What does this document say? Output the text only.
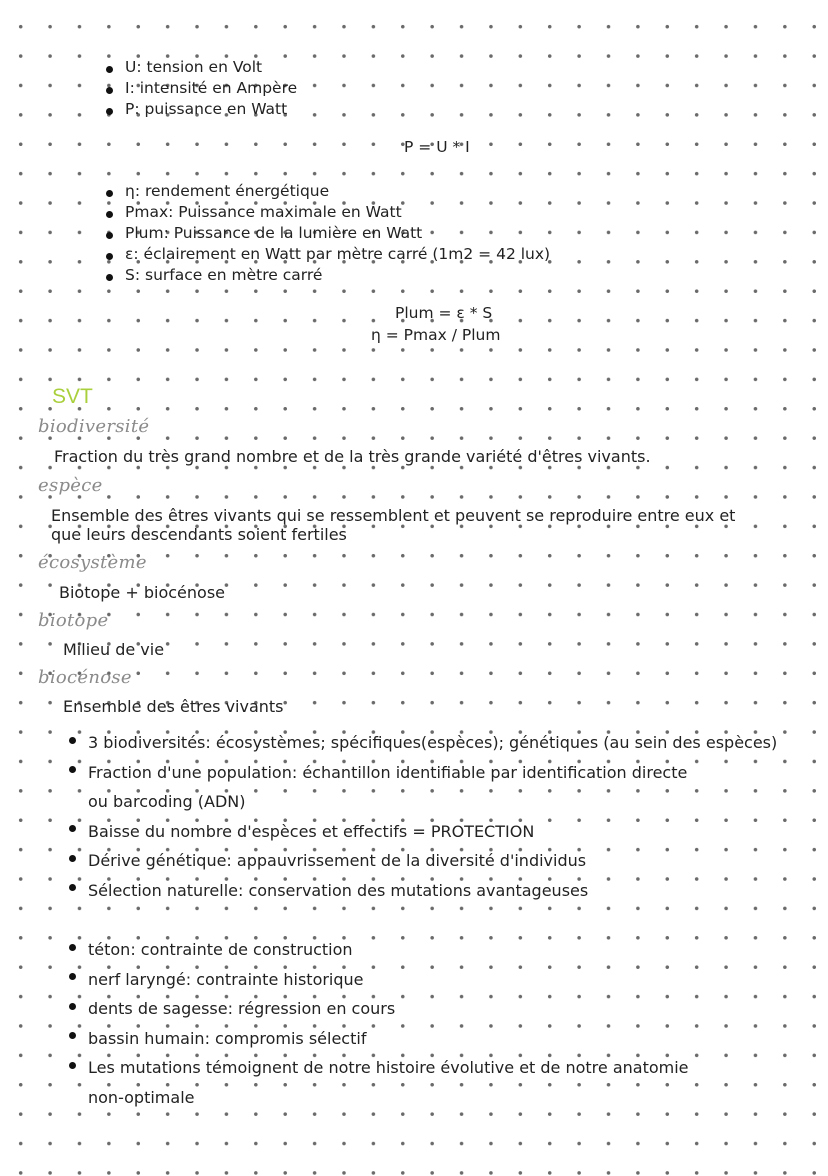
U: tension en Volt
I: intensité en Ampère
P: puissance en Watt
P = U * I
η: rendement énergétique
Pmax: Puissance maximale en Watt
Plum: Puissance de la lumière en Watt
ε: éclairement en Watt par mètre carré (1m2 = 42 lux)
S: surface en mètre carré
Plum = ε * S
η = Pmax / Plum
SVT
biodiversité
Fraction du très grand nombre et de la très grande variété d'êtres vivants.
espèce
Ensemble des êtres vivants qui se ressemblent et peuvent se reproduire entre eux et
que leurs descendants soient fertiles
écosystème
Biotope + biocénose
biotope
Milieu de vie
biocénose
Ensemble des êtres vivants
3 biodiversités: écosystèmes; spécifiques(espèces); génétiques (au sein des espèces)
Fraction d'une population: échantillon identifiable par identification directe
ou barcoding (ADN)
Baisse du nombre d'espèces et effectifs = PROTECTION
Dérive génétique: appauvrissement de la diversité d'individus
Sélection naturelle: conservation des mutations avantageuses
téton: contrainte de construction
nerf laryngé: contrainte historique
dents de sagesse: régression en cours
bassin humain: compromis sélectif
Les mutations témoignent de notre histoire évolutive et de notre anatomie
non-optimale
